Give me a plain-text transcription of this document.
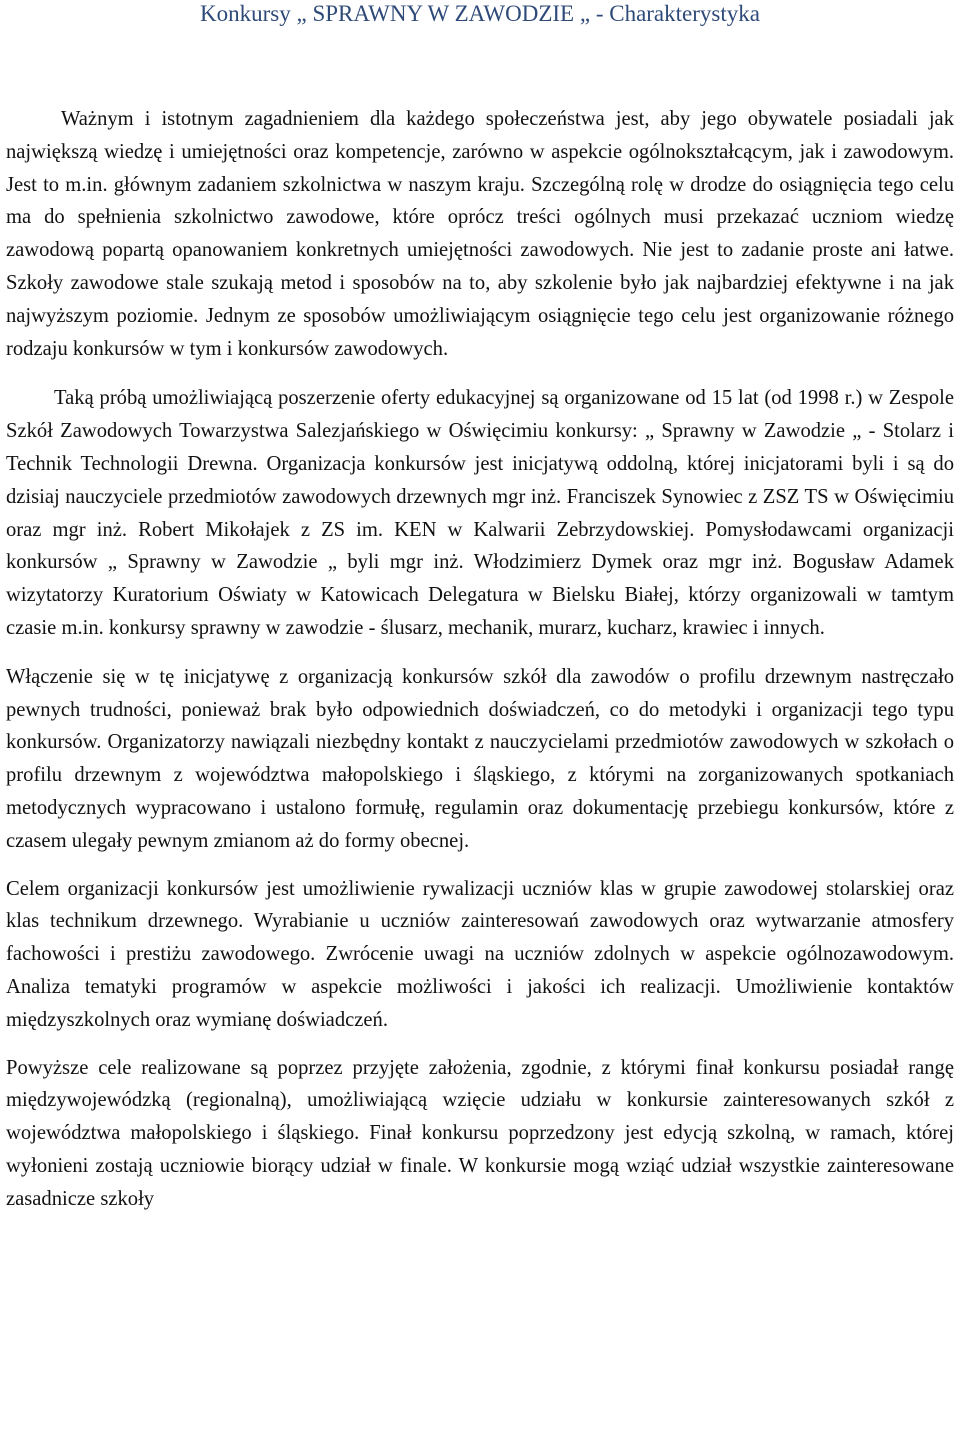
Konkursy „ SPRAWNY W ZAWODZIE „ - Charakterystyka

Ważnym i istotnym zagadnieniem dla każdego społeczeństwa jest, aby jego obywatele posiadali jak największą wiedzę i umiejętności oraz kompetencje, zarówno w aspekcie ogólnokształcącym, jak i zawodowym. Jest to m.in. głównym zadaniem szkolnictwa w naszym kraju. Szczególną rolę w drodze do osiągnięcia tego celu ma do spełnienia szkolnictwo zawodowe, które oprócz treści ogólnych musi przekazać uczniom wiedzę zawodową popartą opanowaniem konkretnych umiejętności zawodowych. Nie jest to zadanie proste ani łatwe. Szkoły zawodowe stale szukają metod i sposobów na to, aby szkolenie było jak najbardziej efektywne i na jak najwyższym poziomie. Jednym ze sposobów umożliwiającym osiągnięcie tego celu jest organizowanie różnego rodzaju konkursów w tym i konkursów zawodowych.

Taką próbą umożliwiającą poszerzenie oferty edukacyjnej są organizowane od 15 lat (od 1998 r.) w Zespole Szkół Zawodowych Towarzystwa Salezjańskiego w Oświęcimiu konkursy: „ Sprawny w Zawodzie „ - Stolarz i Technik Technologii Drewna. Organizacja konkursów jest inicjatywą oddolną, której inicjatorami byli i są do dzisiaj nauczyciele przedmiotów zawodowych drzewnych mgr inż. Franciszek Synowiec z ZSZ TS w Oświęcimiu oraz mgr inż. Robert Mikołajek z ZS im. KEN w Kalwarii Zebrzydowskiej. Pomysłodawcami organizacji konkursów „ Sprawny w Zawodzie „ byli mgr inż. Włodzimierz Dymek oraz mgr inż. Bogusław Adamek wizytatorzy Kuratorium Oświaty w Katowicach Delegatura w Bielsku Białej, którzy organizowali w tamtym czasie m.in. konkursy sprawny w zawodzie - ślusarz, mechanik, murarz, kucharz, krawiec i innych.

Włączenie się w tę inicjatywę z organizacją konkursów szkół dla zawodów o profilu drzewnym nastręczało pewnych trudności, ponieważ brak było odpowiednich doświadczeń, co do metodyki i organizacji tego typu konkursów. Organizatorzy nawiązali niezbędny kontakt z nauczycielami przedmiotów zawodowych w szkołach o profilu drzewnym z województwa małopolskiego i śląskiego, z którymi na zorganizowanych spotkaniach metodycznych wypracowano i ustalono formułę, regulamin oraz dokumentację przebiegu konkursów, które z czasem ulegały pewnym zmianom aż do formy obecnej.

Celem organizacji konkursów jest umożliwienie rywalizacji uczniów klas w grupie zawodowej stolarskiej oraz klas technikum drzewnego. Wyrabianie u uczniów zainteresowań zawodowych oraz wytwarzanie atmosfery fachowości i prestiżu zawodowego. Zwrócenie uwagi na uczniów zdolnych w aspekcie ogólnozawodowym. Analiza tematyki programów w aspekcie możliwości i jakości ich realizacji. Umożliwienie kontaktów międzyszkolnych oraz wymianę doświadczeń.

Powyższe cele realizowane są poprzez przyjęte założenia, zgodnie, z którymi finał konkursu posiadał rangę międzywojewódzką (regionalną), umożliwiającą wzięcie udziału w konkursie zainteresowanych szkół z województwa małopolskiego i śląskiego. Finał konkursu poprzedzony jest edycją szkolną, w ramach, której wyłonieni zostają uczniowie biorący udział w finale. W konkursie mogą wziąć udział wszystkie zainteresowane zasadnicze szkoły
